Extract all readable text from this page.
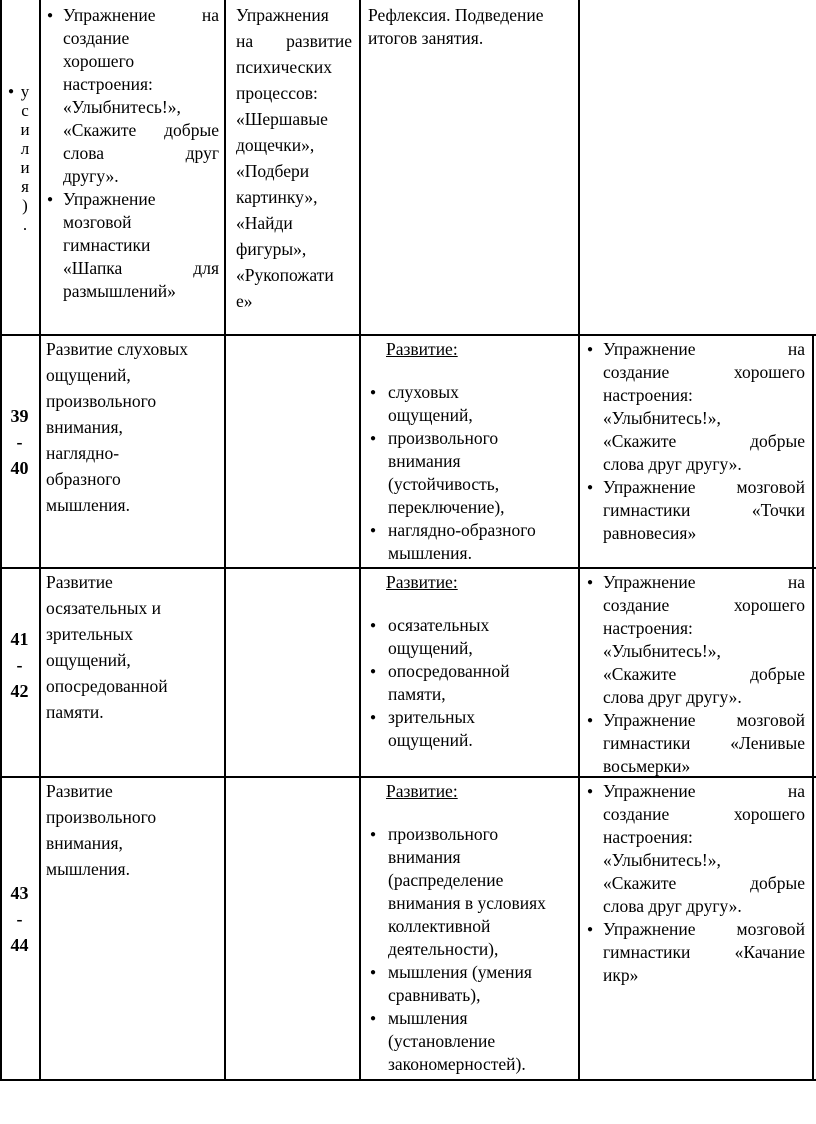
● у
с
и
л
и
я
)
.
● Упражнение на
создание
хорошего
настроения:
«Улыбнитесь!»,
«Скажите добрые
слова друг
другу».
● Упражнение
мозговой
гимнастики
«Шапка для
размышлений»
Упражнения
на развитие
психических
процессов:
«Шершавые
дощечки»,
«Подбери
картинку»,
«Найди
фигуры»,
«Рукопожати
е»
Рефлексия. Подведение
итогов занятия.
39
-
40
Развитие слуховых
ощущений,
произвольного
внимания,
наглядно-
образного
мышления.
Развитие:
● слуховых
ощущений,
● произвольного
внимания
(устойчивость,
переключение),
● наглядно-образного
мышления.
● Упражнение на
создание хорошего
настроения:
«Улыбнитесь!»,
«Скажите добрые
слова друг другу».
● Упражнение мозговой
гимнастики «Точки
равновесия»
41
-
42
Развитие
осязательных и
зрительных
ощущений,
опосредованной
памяти.
Развитие:
● осязательных
ощущений,
● опосредованной
памяти,
● зрительных
ощущений.
● Упражнение на
создание хорошего
настроения:
«Улыбнитесь!»,
«Скажите добрые
слова друг другу».
● Упражнение мозговой
гимнастики «Ленивые
восьмерки»
43
-
44
Развитие
произвольного
внимания,
мышления.
Развитие:
● произвольного
внимания
(распределение
внимания в условиях
коллективной
деятельности),
● мышления (умения
сравнивать),
● мышления
(установление
закономерностей).
● Упражнение на
создание хорошего
настроения:
«Улыбнитесь!»,
«Скажите добрые
слова друг другу».
● Упражнение мозговой
гимнастики «Качание
икр»
